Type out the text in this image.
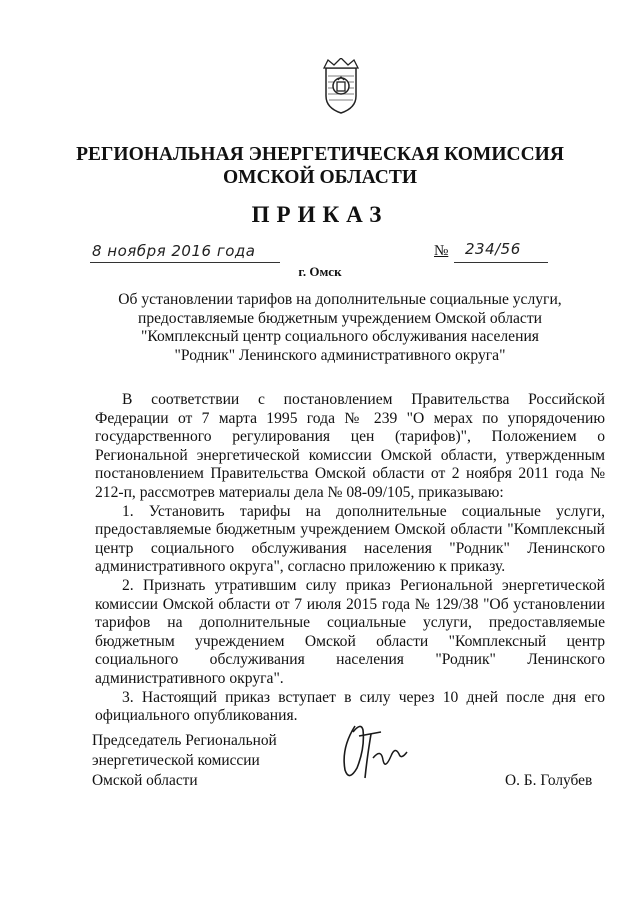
РЕГИОНАЛЬНАЯ ЭНЕРГЕТИЧЕСКАЯ КОМИССИЯ
ОМСКОЙ ОБЛАСТИ
ПРИКАЗ
8 ноября 2016 года	№ 234/56
г. Омск
Об установлении тарифов на дополнительные социальные услуги,
предоставляемые бюджетным учреждением Омской области
"Комплексный центр социального обслуживания населения
"Родник" Ленинского административного округа"

В соответствии с постановлением Правительства Российской Федерации от 7 марта 1995 года № 239 "О мерах по упорядочению государственного регулирования цен (тарифов)", Положением о Региональной энергетической комиссии Омской области, утвержденным постановлением Правительства Омской области от 2 ноября 2011 года № 212-п, рассмотрев материалы дела № 08-09/105, приказываю:

1. Установить тарифы на дополнительные социальные услуги, предоставляемые бюджетным учреждением Омской области "Комплексный центр социального обслуживания населения "Родник" Ленинского административного округа", согласно приложению к приказу.

2. Признать утратившим силу приказ Региональной энергетической комиссии Омской области от 7 июля 2015 года № 129/38 "Об установлении тарифов на дополнительные социальные услуги, предоставляемые бюджетным учреждением Омской области "Комплексный центр социального обслуживания населения "Родник" Ленинского административного округа".

3. Настоящий приказ вступает в силу через 10 дней после дня его официального опубликования.

Председатель Региональной
энергетической комиссии
Омской области	О. Б. Голубев
